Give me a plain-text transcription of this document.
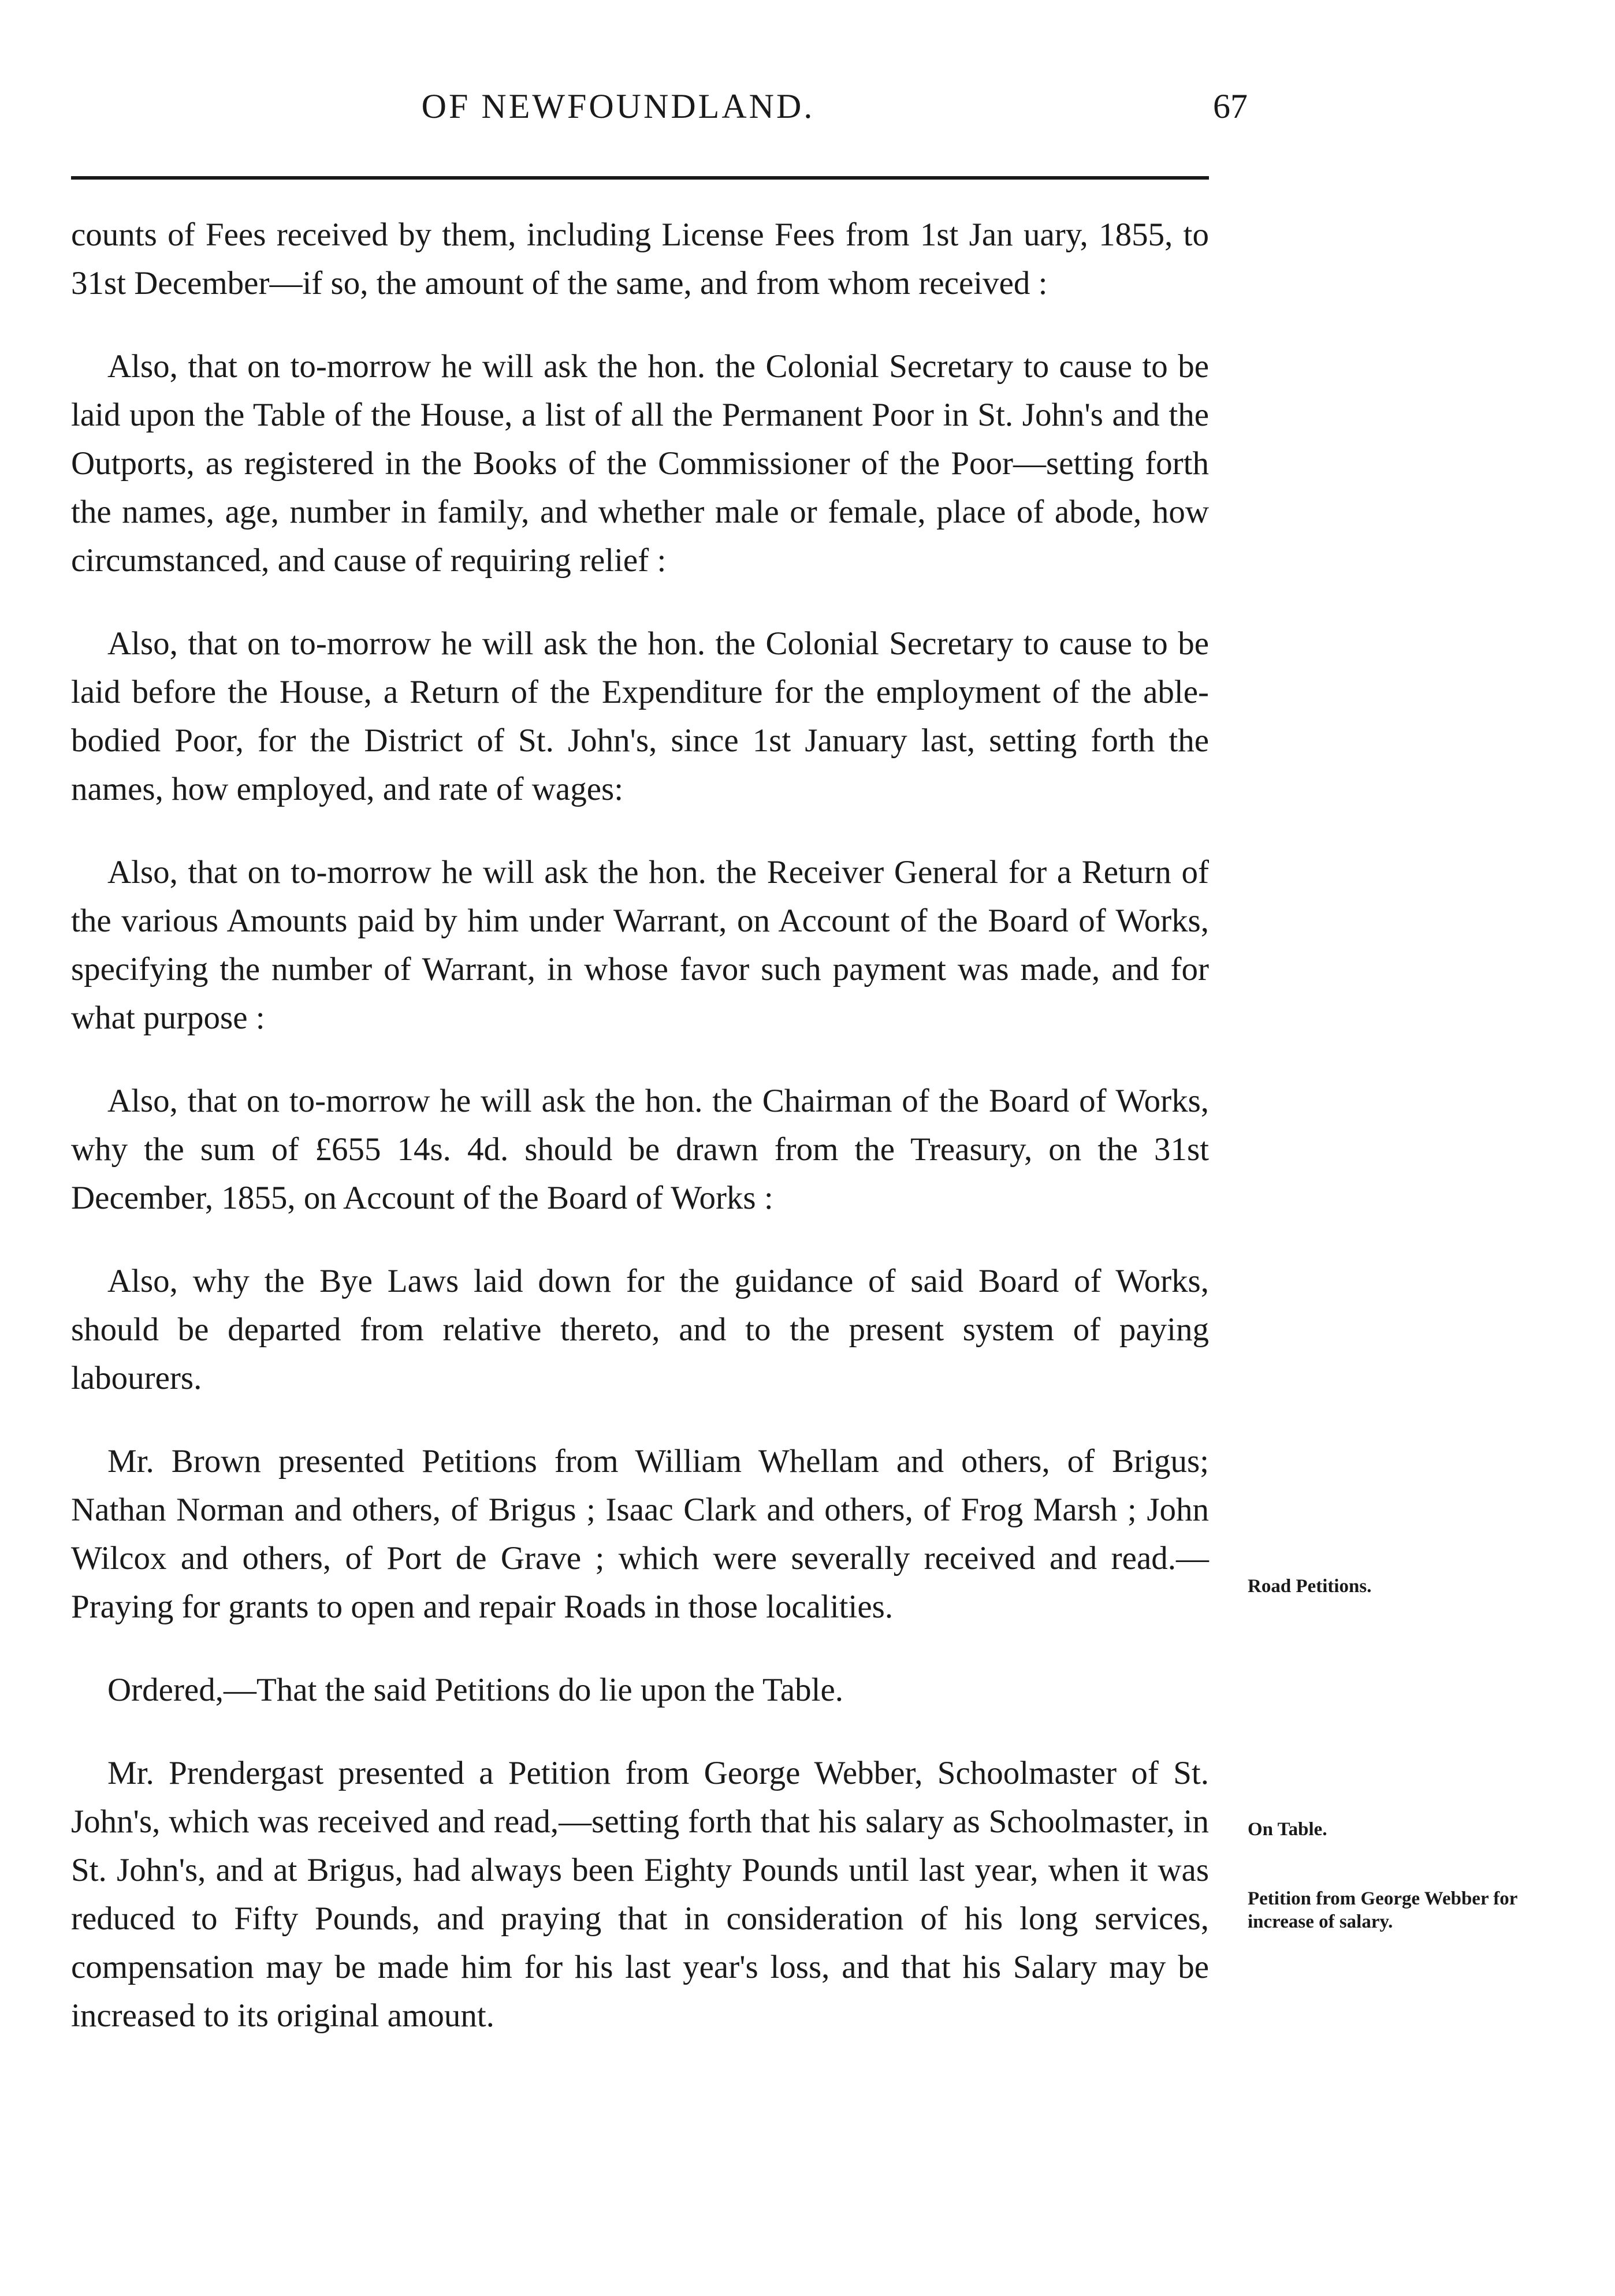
OF NEWFOUNDLAND.	67

counts of Fees received by them, including License Fees from 1st Jan uary, 1855, to 31st December—if so, the amount of the same, and from whom received :

Also, that on to-morrow he will ask the hon. the Colonial Secretary to cause to be laid upon the Table of the House, a list of all the Permanent Poor in St. John's and the Outports, as registered in the Books of the Commissioner of the Poor—setting forth the names, age, number in family, and whether male or female, place of abode, how circumstanced, and cause of requiring relief :

Also, that on to-morrow he will ask the hon. the Colonial Secretary to cause to be laid before the House, a Return of the Expenditure for the employment of the able-bodied Poor, for the District of St. John's, since 1st January last, setting forth the names, how employed, and rate of wages:

Also, that on to-morrow he will ask the hon. the Receiver General for a Return of the various Amounts paid by him under Warrant, on Account of the Board of Works, specifying the number of Warrant, in whose favor such payment was made, and for what purpose :

Also, that on to-morrow he will ask the hon. the Chairman of the Board of Works, why the sum of £655 14s. 4d. should be drawn from the Treasury, on the 31st December, 1855, on Account of the Board of Works :

Also, why the Bye Laws laid down for the guidance of said Board of Works, should be departed from relative thereto, and to the present system of paying labourers.

Mr. Brown presented Petitions from William Whellam and others, of Brigus; Nathan Norman and others, of Brigus ; Isaac Clark and others, of Frog Marsh ; John Wilcox and others, of Port de Grave ; which were severally received and read.—Praying for grants to open and repair Roads in those localities.

Ordered,—That the said Petitions do lie upon the Table.

Mr. Prendergast presented a Petition from George Webber, Schoolmaster of St. John's, which was received and read,—setting forth that his salary as Schoolmaster, in St. John's, and at Brigus, had always been Eighty Pounds until last year, when it was reduced to Fifty Pounds, and praying that in consideration of his long services, compensation may be made him for his last year's loss, and that his Salary may be increased to its original amount.

Road Petitions.
On Table.
Petition from George Webber for increase of salary.
